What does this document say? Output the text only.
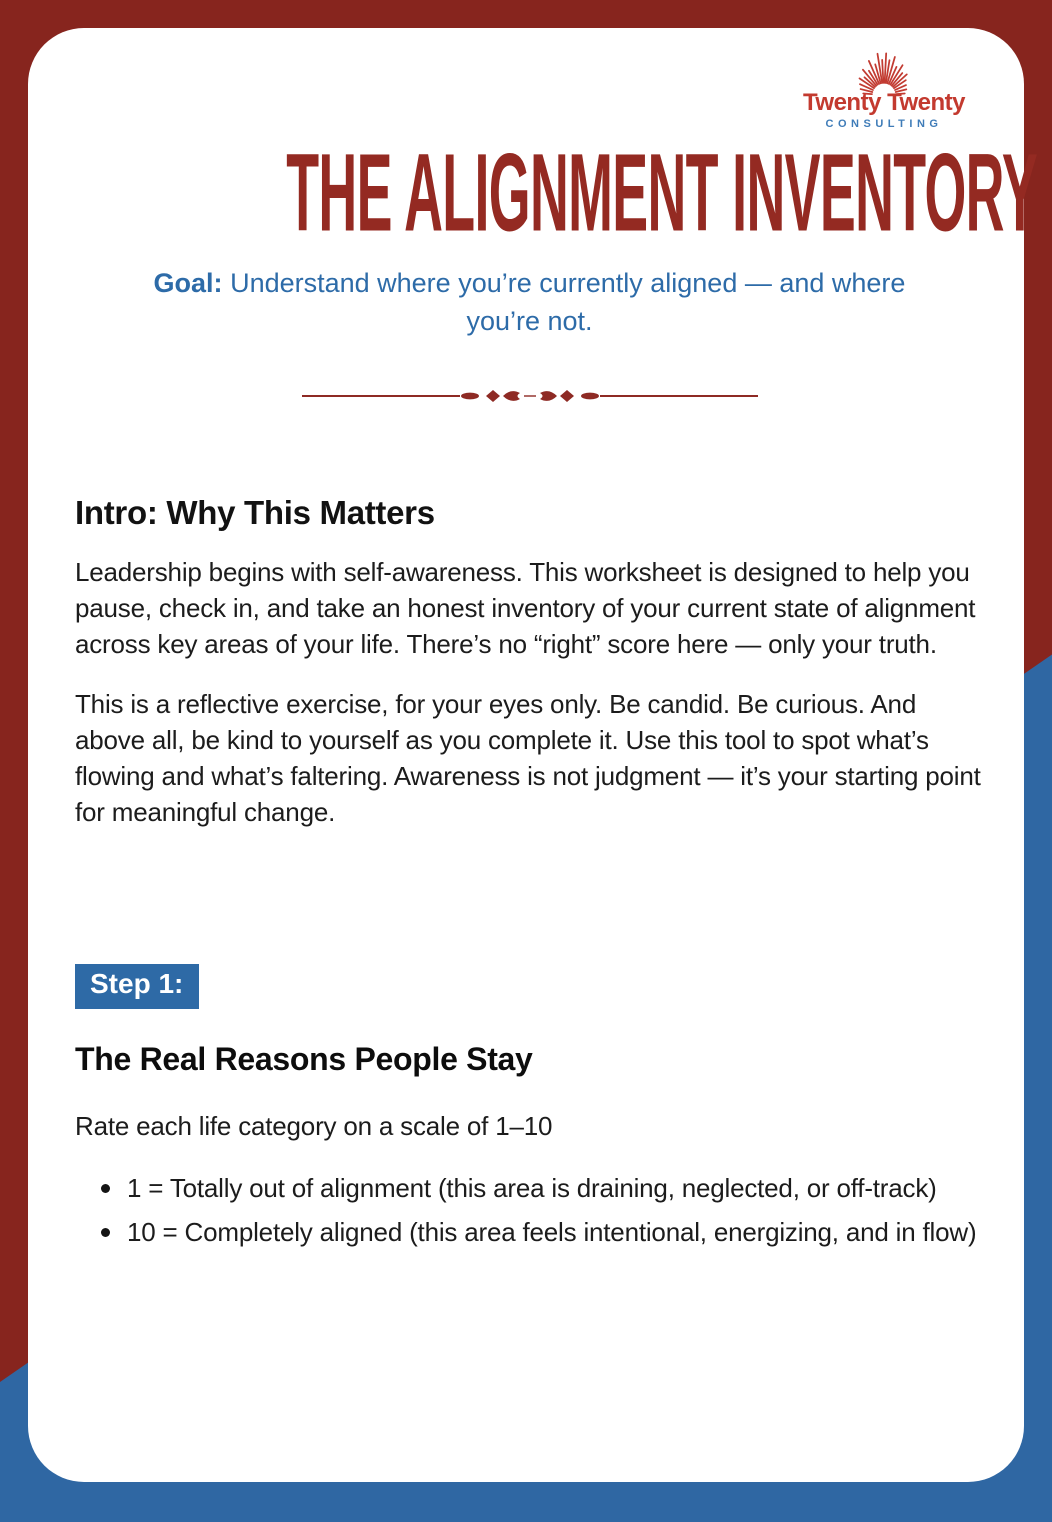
Twenty Twenty
CONSULTING
THE ALIGNMENT INVENTORY

Goal: Understand where you’re currently aligned — and where you’re not.

Intro: Why This Matters

Leadership begins with self-awareness. This worksheet is designed to help you pause, check in, and take an honest inventory of your current state of alignment across key areas of your life. There’s no “right” score here — only your truth.

This is a reflective exercise, for your eyes only. Be candid. Be curious. And above all, be kind to yourself as you complete it. Use this tool to spot what’s flowing and what’s faltering. Awareness is not judgment — it’s your starting point for meaningful change.

Step 1:
The Real Reasons People Stay

Rate each life category on a scale of 1–10

1 = Totally out of alignment (this area is draining, neglected, or off-track)
10 = Completely aligned (this area feels intentional, energizing, and in flow)
